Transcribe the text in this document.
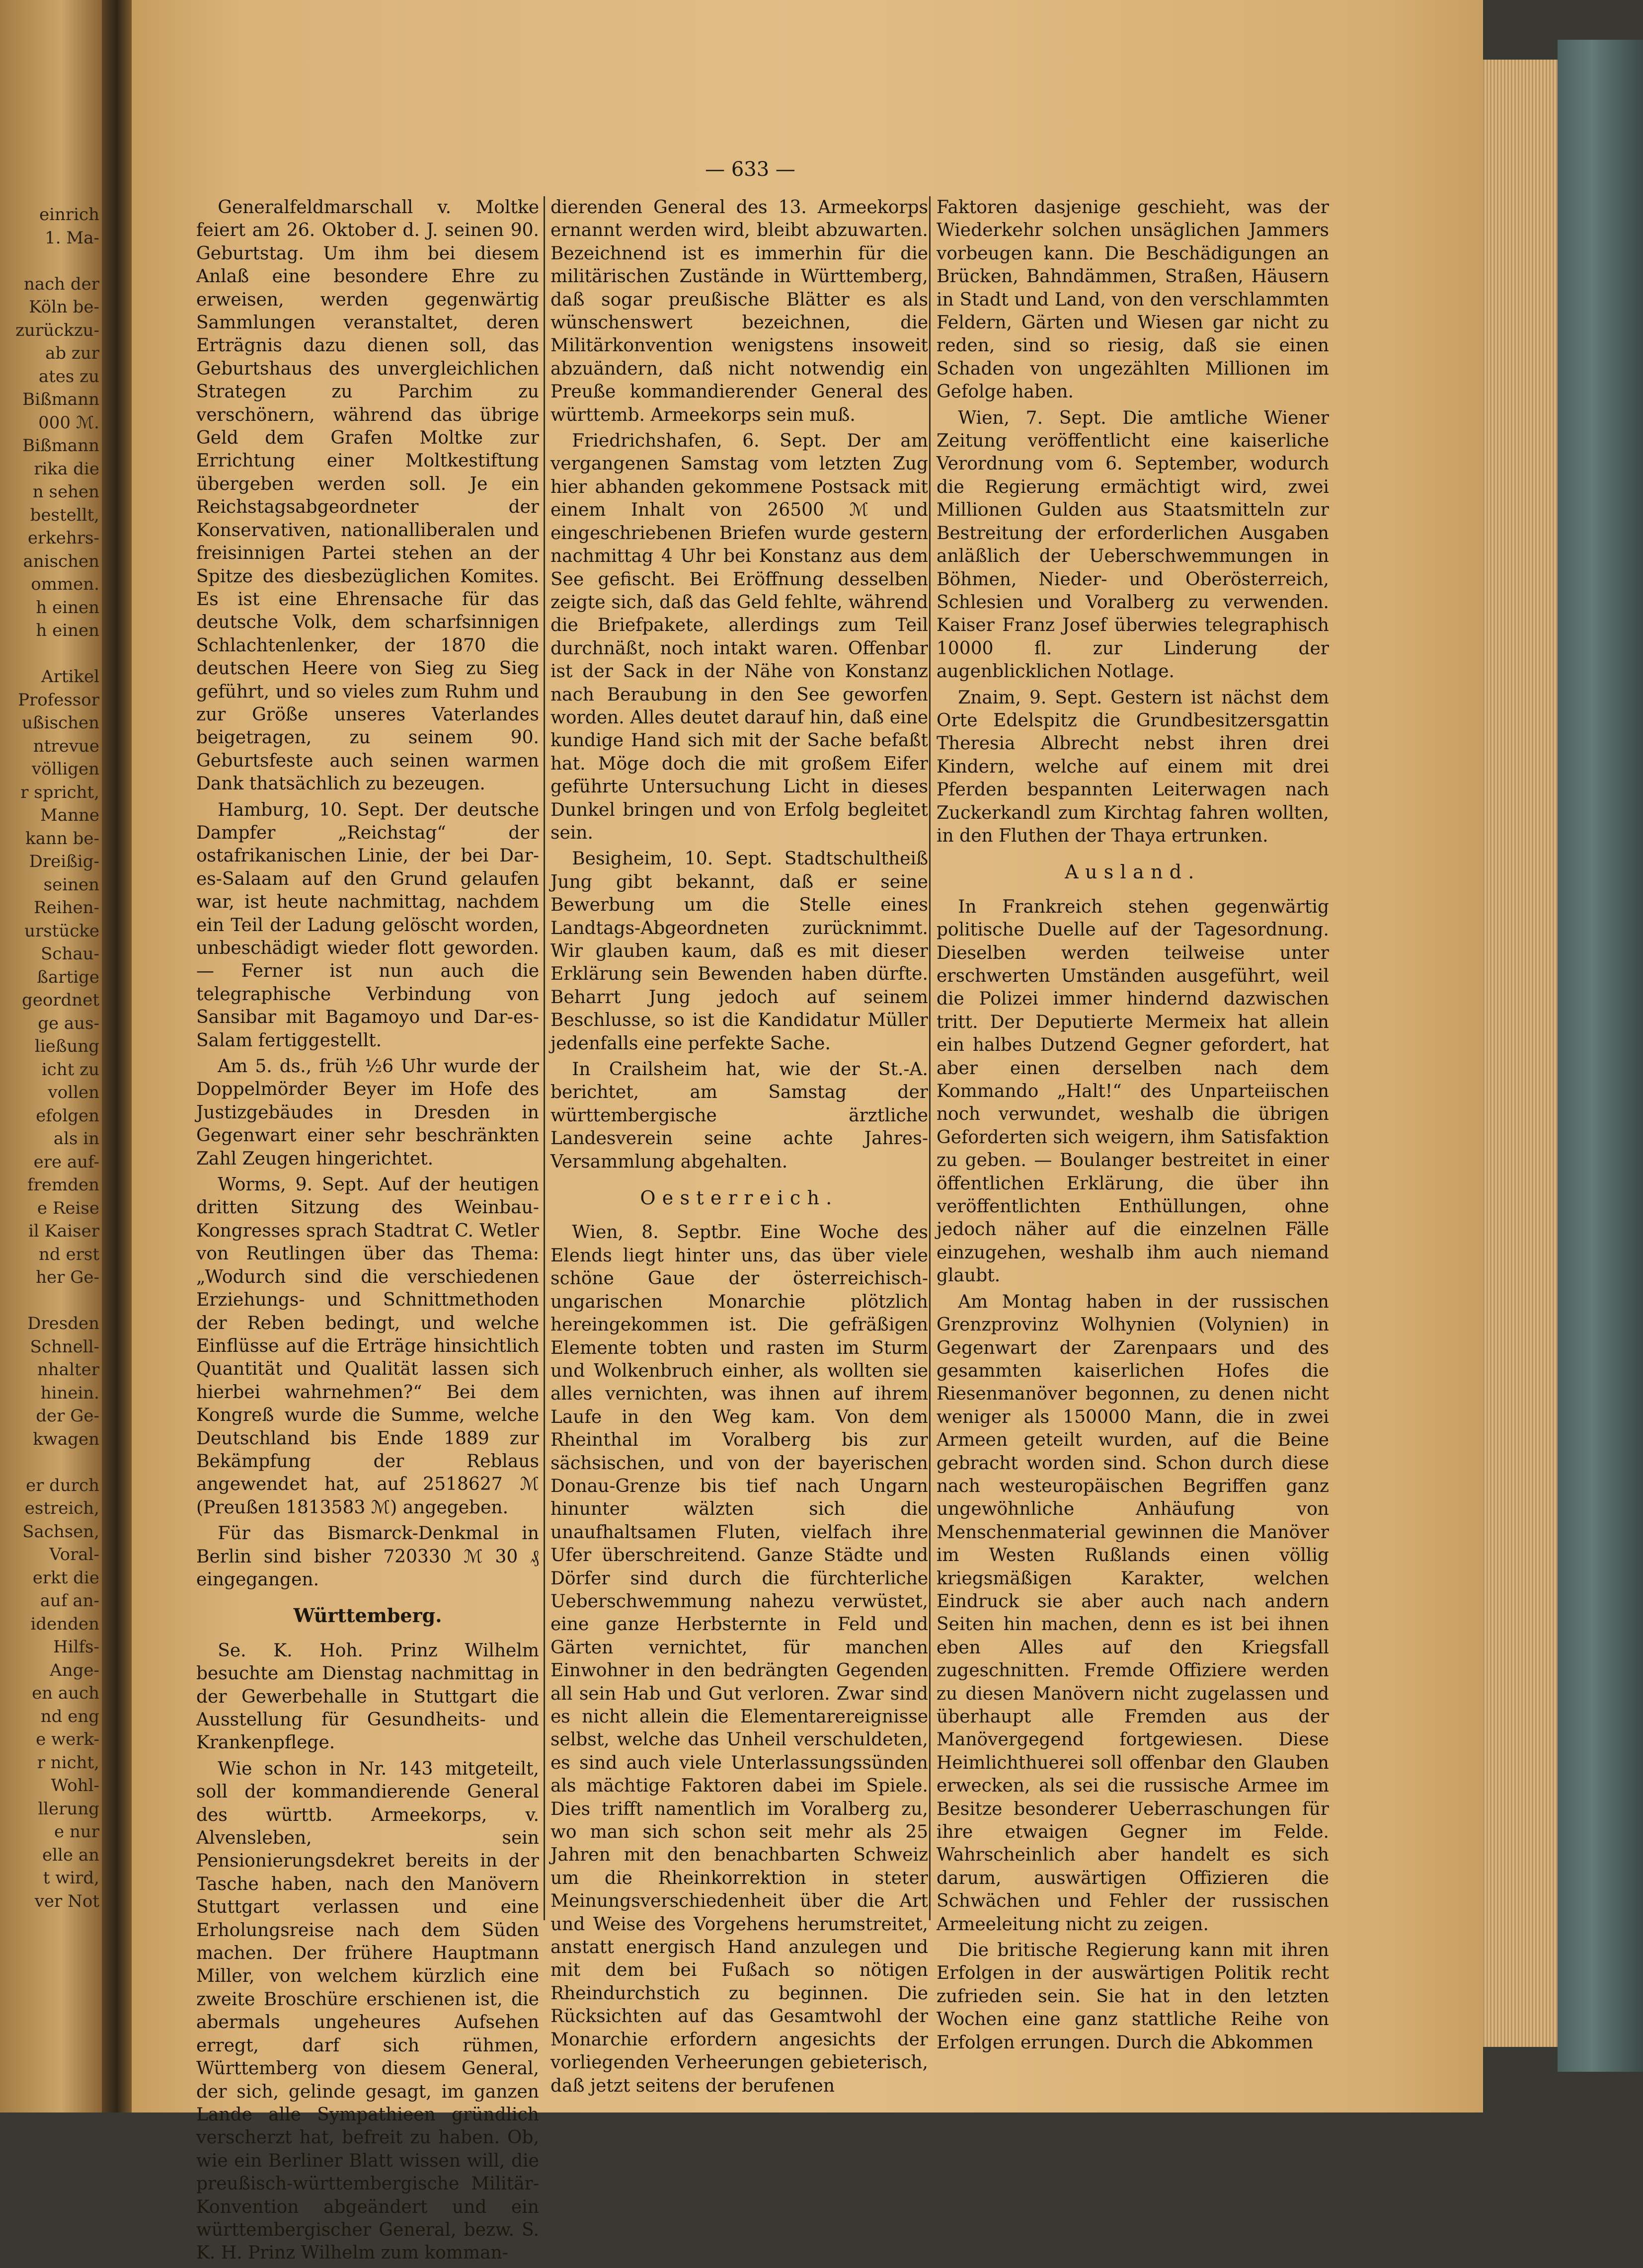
einrich
1. Ma-
nach der
Köln be-
zurückzu-
ab zur
ates zu
Bißmann
000 ℳ.
Bißmann
rika die
n sehen
bestellt,
erkehrs-
anischen
ommen.
h einen
h einen
Artikel
Professor
ußischen
ntrevue
völligen
r spricht,
Manne
kann be-
Dreißig-
seinen
Reihen-
urstücke
Schau-
ßartige
geordnet
ge aus-
ließung
icht zu
vollen
efolgen
als in
ere auf-
fremden
e Reise
il Kaiser
nd erst
her Ge-
Dresden
Schnell-
nhalter
hinein.
der Ge-
kwagen
er durch
estreich,
Sachsen,
Voral-
erkt die
auf an-
idenden
Hilfs-
Ange-
en auch
nd eng
e werk-
r nicht,
Wohl-
llerung
e nur
elle an
t wird,
ver Not
— 633 —

Generalfeldmarschall v. Moltke feiert am 26. Oktober d. J. seinen 90. Geburtstag. Um ihm bei diesem Anlaß eine besondere Ehre zu erweisen, werden gegenwärtig Sammlungen veranstaltet, deren Erträgnis dazu dienen soll, das Geburtshaus des unvergleichlichen Strategen zu Parchim zu verschönern, während das übrige Geld dem Grafen Moltke zur Errichtung einer Moltkestiftung übergeben werden soll. Je ein Reichstagsabgeordneter der Konservativen, nationalliberalen und freisinnigen Partei stehen an der Spitze des diesbezüglichen Komites. Es ist eine Ehrensache für das deutsche Volk, dem scharfsinnigen Schlachtenlenker, der 1870 die deutschen Heere von Sieg zu Sieg geführt, und so vieles zum Ruhm und zur Größe unseres Vaterlandes beigetragen, zu seinem 90. Geburtsfeste auch seinen warmen Dank thatsächlich zu bezeugen.

Hamburg, 10. Sept. Der deutsche Dampfer „Reichstag“ der ostafrikanischen Linie, der bei Dar-es-Salaam auf den Grund gelaufen war, ist heute nachmittag, nachdem ein Teil der Ladung gelöscht worden, unbeschädigt wieder flott geworden. — Ferner ist nun auch die telegraphische Verbindung von Sansibar mit Bagamoyo und Dar-es-Salam fertiggestellt.

Am 5. ds., früh ½6 Uhr wurde der Doppelmörder Beyer im Hofe des Justizgebäudes in Dresden in Gegenwart einer sehr beschränkten Zahl Zeugen hingerichtet.

Worms, 9. Sept. Auf der heutigen dritten Sitzung des Weinbau-Kongresses sprach Stadtrat C. Wetler von Reutlingen über das Thema: „Wodurch sind die verschiedenen Erziehungs- und Schnittmethoden der Reben bedingt, und welche Einflüsse auf die Erträge hinsichtlich Quantität und Qualität lassen sich hierbei wahrnehmen?“ Bei dem Kongreß wurde die Summe, welche Deutschland bis Ende 1889 zur Bekämpfung der Reblaus angewendet hat, auf 2518627 ℳ (Preußen 1813583 ℳ) angegeben.

Für das Bismarck-Denkmal in Berlin sind bisher 720330 ℳ 30 ₰ eingegangen.

Württemberg.

Se. K. Hoh. Prinz Wilhelm besuchte am Dienstag nachmittag in der Gewerbehalle in Stuttgart die Ausstellung für Gesundheits- und Krankenpflege.

Wie schon in Nr. 143 mitgeteilt, soll der kommandierende General des württb. Armeekorps, v. Alvensleben, sein Pensionierungsdekret bereits in der Tasche haben, nach den Manövern Stuttgart verlassen und eine Erholungsreise nach dem Süden machen. Der frühere Hauptmann Miller, von welchem kürzlich eine zweite Broschüre erschienen ist, die abermals ungeheures Aufsehen erregt, darf sich rühmen, Württemberg von diesem General, der sich, gelinde gesagt, im ganzen Lande alle Sympathieen gründlich verscherzt hat, befreit zu haben. Ob, wie ein Berliner Blatt wissen will, die preußisch-württembergische Militär-Konvention abgeändert und ein württembergischer General, bezw. S. K. H. Prinz Wilhelm zum komman-

dierenden General des 13. Armeekorps ernannt werden wird, bleibt abzuwarten. Bezeichnend ist es immerhin für die militärischen Zustände in Württemberg, daß sogar preußische Blätter es als wünschenswert bezeichnen, die Militärkonvention wenigstens insoweit abzuändern, daß nicht notwendig ein Preuße kommandierender General des württemb. Armeekorps sein muß.

Friedrichshafen, 6. Sept. Der am vergangenen Samstag vom letzten Zug hier abhanden gekommene Postsack mit einem Inhalt von 26500 ℳ und eingeschriebenen Briefen wurde gestern nachmittag 4 Uhr bei Konstanz aus dem See gefischt. Bei Eröffnung desselben zeigte sich, daß das Geld fehlte, während die Briefpakete, allerdings zum Teil durchnäßt, noch intakt waren. Offenbar ist der Sack in der Nähe von Konstanz nach Beraubung in den See geworfen worden. Alles deutet darauf hin, daß eine kundige Hand sich mit der Sache befaßt hat. Möge doch die mit großem Eifer geführte Untersuchung Licht in dieses Dunkel bringen und von Erfolg begleitet sein.

Besigheim, 10. Sept. Stadtschultheiß Jung gibt bekannt, daß er seine Bewerbung um die Stelle eines Landtags-Abgeordneten zurücknimmt. Wir glauben kaum, daß es mit dieser Erklärung sein Bewenden haben dürfte. Beharrt Jung jedoch auf seinem Beschlusse, so ist die Kandidatur Müller jedenfalls eine perfekte Sache.

In Crailsheim hat, wie der St.-A. berichtet, am Samstag der württembergische ärztliche Landesverein seine achte Jahres-Versammlung abgehalten.

Oesterreich.

Wien, 8. Septbr. Eine Woche des Elends liegt hinter uns, das über viele schöne Gaue der österreichisch-ungarischen Monarchie plötzlich hereingekommen ist. Die gefräßigen Elemente tobten und rasten im Sturm und Wolkenbruch einher, als wollten sie alles vernichten, was ihnen auf ihrem Laufe in den Weg kam. Von dem Rheinthal im Voralberg bis zur sächsischen, und von der bayerischen Donau-Grenze bis tief nach Ungarn hinunter wälzten sich die unaufhaltsamen Fluten, vielfach ihre Ufer überschreitend. Ganze Städte und Dörfer sind durch die fürchterliche Ueberschwemmung nahezu verwüstet, eine ganze Herbsternte in Feld und Gärten vernichtet, für manchen Einwohner in den bedrängten Gegenden all sein Hab und Gut verloren. Zwar sind es nicht allein die Elementarereignisse selbst, welche das Unheil verschuldeten, es sind auch viele Unterlassungssünden als mächtige Faktoren dabei im Spiele. Dies trifft namentlich im Voralberg zu, wo man sich schon seit mehr als 25 Jahren mit den benachbarten Schweiz um die Rheinkorrektion in steter Meinungsverschiedenheit über die Art und Weise des Vorgehens herumstreitet, anstatt energisch Hand anzulegen und mit dem bei Fußach so nötigen Rheindurchstich zu beginnen. Die Rücksichten auf das Gesamtwohl der Monarchie erfordern angesichts der vorliegenden Verheerungen gebieterisch, daß jetzt seitens der berufenen

Faktoren dasjenige geschieht, was der Wiederkehr solchen unsäglichen Jammers vorbeugen kann. Die Beschädigungen an Brücken, Bahndämmen, Straßen, Häusern in Stadt und Land, von den verschlammten Feldern, Gärten und Wiesen gar nicht zu reden, sind so riesig, daß sie einen Schaden von ungezählten Millionen im Gefolge haben.

Wien, 7. Sept. Die amtliche Wiener Zeitung veröffentlicht eine kaiserliche Verordnung vom 6. September, wodurch die Regierung ermächtigt wird, zwei Millionen Gulden aus Staatsmitteln zur Bestreitung der erforderlichen Ausgaben anläßlich der Ueberschwemmungen in Böhmen, Nieder- und Oberösterreich, Schlesien und Voralberg zu verwenden. Kaiser Franz Josef überwies telegraphisch 10000 fl. zur Linderung der augenblicklichen Notlage.

Znaim, 9. Sept. Gestern ist nächst dem Orte Edelspitz die Grundbesitzersgattin Theresia Albrecht nebst ihren drei Kindern, welche auf einem mit drei Pferden bespannten Leiterwagen nach Zuckerkandl zum Kirchtag fahren wollten, in den Fluthen der Thaya ertrunken.

Ausland.

In Frankreich stehen gegenwärtig politische Duelle auf der Tagesordnung. Dieselben werden teilweise unter erschwerten Umständen ausgeführt, weil die Polizei immer hindernd dazwischen tritt. Der Deputierte Mermeix hat allein ein halbes Dutzend Gegner gefordert, hat aber einen derselben nach dem Kommando „Halt!“ des Unparteiischen noch verwundet, weshalb die übrigen Geforderten sich weigern, ihm Satisfaktion zu geben. — Boulanger bestreitet in einer öffentlichen Erklärung, die über ihn veröffentlichten Enthüllungen, ohne jedoch näher auf die einzelnen Fälle einzugehen, weshalb ihm auch niemand glaubt.

Am Montag haben in der russischen Grenzprovinz Wolhynien (Volynien) in Gegenwart der Zarenpaars und des gesammten kaiserlichen Hofes die Riesenmanöver begonnen, zu denen nicht weniger als 150000 Mann, die in zwei Armeen geteilt wurden, auf die Beine gebracht worden sind. Schon durch diese nach westeuropäischen Begriffen ganz ungewöhnliche Anhäufung von Menschenmaterial gewinnen die Manöver im Westen Rußlands einen völlig kriegsmäßigen Karakter, welchen Eindruck sie aber auch nach andern Seiten hin machen, denn es ist bei ihnen eben Alles auf den Kriegsfall zugeschnitten. Fremde Offiziere werden zu diesen Manövern nicht zugelassen und überhaupt alle Fremden aus der Manövergegend fortgewiesen. Diese Heimlichthuerei soll offenbar den Glauben erwecken, als sei die russische Armee im Besitze besonderer Ueberraschungen für ihre etwaigen Gegner im Felde. Wahrscheinlich aber handelt es sich darum, auswärtigen Offizieren die Schwächen und Fehler der russischen Armeeleitung nicht zu zeigen.

Die britische Regierung kann mit ihren Erfolgen in der auswärtigen Politik recht zufrieden sein. Sie hat in den letzten Wochen eine ganz stattliche Reihe von Erfolgen errungen. Durch die Abkommen
